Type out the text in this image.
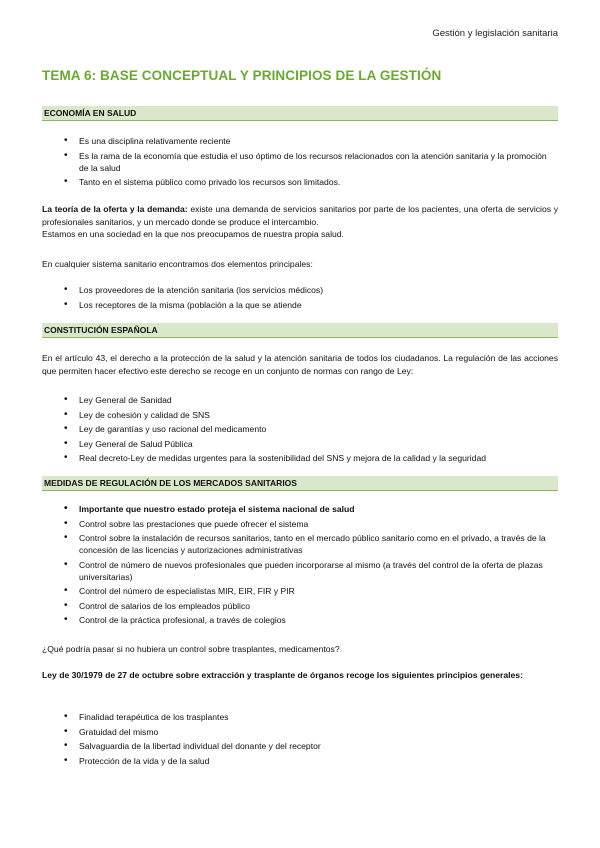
Gestión y legislación sanitaria
TEMA 6: BASE CONCEPTUAL Y PRINCIPIOS DE LA GESTIÓN
ECONOMÍA EN SALUD
• Es una disciplina relativamente reciente
• Es la rama de la economía que estudia el uso óptimo de los recursos relacionados con la atención sanitaria y la promoción de la salud
• Tanto en el sistema público como privado los recursos son limitados.

La teoría de la oferta y la demanda: existe una demanda de servicios sanitarios por parte de los pacientes, una oferta de servicios y profesionales sanitarios, y un mercado donde se produce el intercambio.
Estamos en una sociedad en la que nos preocupamos de nuestra propia salud.

En cualquier sistema sanitario encontramos dos elementos principales:

• Los proveedores de la atención sanitaria (los servicios médicos)
• Los receptores de la misma (población a la que se atiende
CONSTITUCIÓN ESPAÑOLA

En el artículo 43, el derecho a la protección de la salud y la atención sanitaria de todos los ciudadanos. La regulación de las acciones que permiten hacer efectivo este derecho se recoge en un conjunto de normas con rango de Ley:

• Ley General de Sanidad
• Ley de cohesión y calidad de SNS
• Ley de garantías y uso racional del medicamento
• Ley General de Salud Pública
• Real decreto-Ley de medidas urgentes para la sostenibilidad del SNS y mejora de la calidad y la seguridad
MEDIDAS DE REGULACIÓN DE LOS MERCADOS SANITARIOS
• Importante que nuestro estado proteja el sistema nacional de salud
• Control sobre las prestaciones que puede ofrecer el sistema
• Control sobre la instalación de recursos sanitarios, tanto en el mercado público sanitario como en el privado, a través de la concesión de las licencias y autorizaciones administrativas
• Control de número de nuevos profesionales que pueden incorporarse al mismo (a través del control de la oferta de plazas universitarias)
• Control del número de especialistas MIR, EIR, FIR y PIR
• Control de salarios de los empleados público
• Control de la práctica profesional, a través de colegios

¿Qué podría pasar si no hubiera un control sobre trasplantes, medicamentos?

Ley de 30/1979 de 27 de octubre sobre extracción y trasplante de órganos recoge los siguientes principios generales:

• Finalidad terapéutica de los trasplantes
• Gratuidad del mismo
• Salvaguardia de la libertad individual del donante y del receptor
• Protección de la vida y de la salud
